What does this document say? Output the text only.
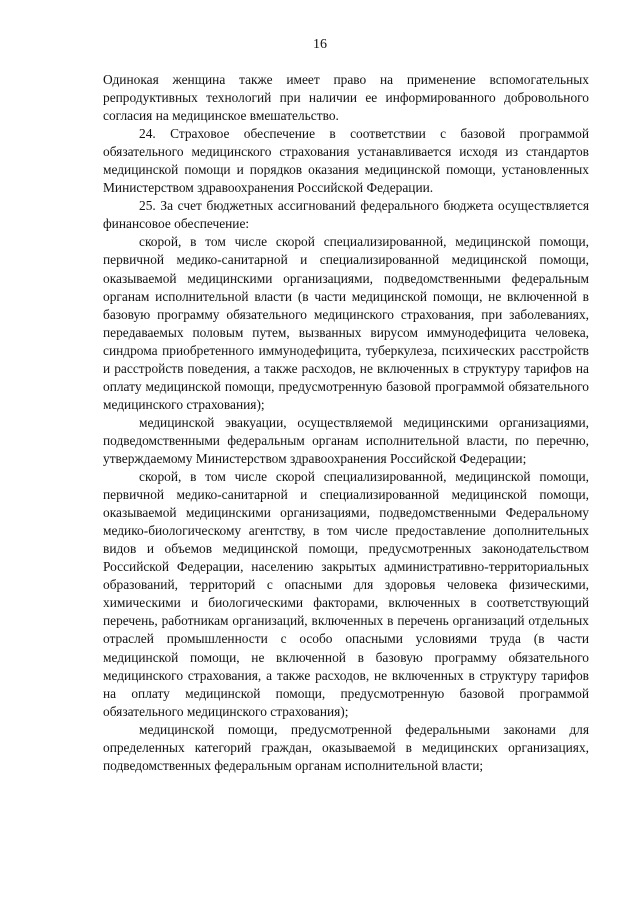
16

Одинокая женщина также имеет право на применение вспомогательных репродуктивных технологий при наличии ее информированного добровольного согласия на медицинское вмешательство.

24. Страховое обеспечение в соответствии с базовой программой обязательного медицинского страхования устанавливается исходя из стандартов медицинской помощи и порядков оказания медицинской помощи, установленных Министерством здравоохранения Российской Федерации.

25. За счет бюджетных ассигнований федерального бюджета осуществляется финансовое обеспечение:

скорой, в том числе скорой специализированной, медицинской помощи, первичной медико-санитарной и специализированной медицинской помощи, оказываемой медицинскими организациями, подведомственными федеральным органам исполнительной власти (в части медицинской помощи, не включенной в базовую программу обязательного медицинского страхования, при заболеваниях, передаваемых половым путем, вызванных вирусом иммунодефицита человека, синдрома приобретенного иммунодефицита, туберкулеза, психических расстройств и расстройств поведения, а также расходов, не включенных в структуру тарифов на оплату медицинской помощи, предусмотренную базовой программой обязательного медицинского страхования);

медицинской эвакуации, осуществляемой медицинскими организациями, подведомственными федеральным органам исполнительной власти, по перечню, утверждаемому Министерством здравоохранения Российской Федерации;

скорой, в том числе скорой специализированной, медицинской помощи, первичной медико-санитарной и специализированной медицинской помощи, оказываемой медицинскими организациями, подведомственными Федеральному медико-биологическому агентству, в том числе предоставление дополнительных видов и объемов медицинской помощи, предусмотренных законодательством Российской Федерации, населению закрытых административно-территориальных образований, территорий с опасными для здоровья человека физическими, химическими и биологическими факторами, включенных в соответствующий перечень, работникам организаций, включенных в перечень организаций отдельных отраслей промышленности с особо опасными условиями труда (в части медицинской помощи, не включенной в базовую программу обязательного медицинского страхования, а также расходов, не включенных в структуру тарифов на оплату медицинской помощи, предусмотренную базовой программой обязательного медицинского страхования);

медицинской помощи, предусмотренной федеральными законами для определенных категорий граждан, оказываемой в медицинских организациях, подведомственных федеральным органам исполнительной власти;
